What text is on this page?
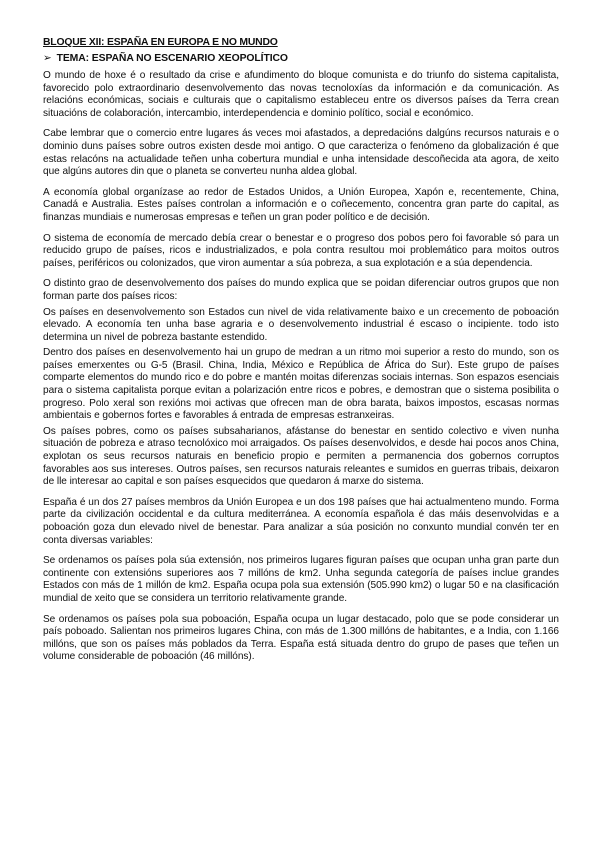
BLOQUE XII: ESPAÑA EN EUROPA E NO MUNDO
➢ TEMA: ESPAÑA NO ESCENARIO XEOPOLÍTICO

O mundo de hoxe é o resultado da crise e afundimento do bloque comunista e do triunfo do sistema capitalista, favorecido polo extraordinario desenvolvemento das novas tecnoloxías da información e da comunicación. As relacións económicas, sociais e culturais que o capitalismo estableceu entre os diversos países da Terra crean situacións de colaboración, intercambio, interdependencia e dominio político, social e económico.

Cabe lembrar que o comercio entre lugares ás veces moi afastados, a depredacións dalgúns recursos naturais e o dominio duns países sobre outros existen desde moi antigo. O que caracteriza o fenómeno da globalización é que estas relacóns na actualidade teñen unha cobertura mundial e unha intensidade descoñecida ata agora, de xeito que algúns autores din que o planeta se converteu nunha aldea global.

A economía global organízase ao redor de Estados Unidos, a Unión Europea, Xapón e, recentemente, China, Canadá e Australia. Estes países controlan a información e o coñecemento, concentra gran parte do capital, as finanzas mundiais e numerosas empresas e teñen un gran poder político e de decisión.

O sistema de economía de mercado debía crear o benestar e o progreso dos pobos pero foi favorable só para un reducido grupo de países, ricos e industrializados, e pola contra resultou moi problemático para moitos outros países, periféricos ou colonizados, que viron aumentar a súa pobreza, a sua explotación e a súa dependencia.

O distinto grao de desenvolvemento dos países do mundo explica que se poidan diferenciar outros grupos que non forman parte dos países ricos:

Os países en desenvolvemento son Estados cun nivel de vida relativamente baixo e un crecemento de poboación elevado. A economía ten unha base agraria e o desenvolvemento industrial é escaso o incipiente. todo isto determina un nivel de pobreza bastante estendido.

Dentro dos países en desenvolvemento hai un grupo de medran a un ritmo moi superior a resto do mundo, son os países emerxentes ou G-5 (Brasil. China, India, México e República de África do Sur). Este grupo de países comparte elementos do mundo rico e do pobre e mantén moitas diferenzas sociais internas. Son espazos esenciais para o sistema capitalista porque evitan a polarización entre ricos e pobres, e demostran que o sistema posibilita o progreso. Polo xeral son rexións moi activas que ofrecen man de obra barata, baixos impostos, escasas normas ambientais e gobernos fortes e favorables á entrada de empresas estranxeiras.

Os países pobres, como os países subsaharianos, afástanse do benestar en sentido colectivo e viven nunha situación de pobreza e atraso tecnolóxico moi arraigados. Os países desenvolvidos, e desde hai pocos anos China, explotan os seus recursos naturais en beneficio propio e permiten a permanencia dos gobernos corruptos favorables aos sus intereses. Outros países, sen recursos naturais releantes e sumidos en guerras tribais, deixaron de lle interesar ao capital e son países esquecidos que quedaron á marxe do sistema.

España é un dos 27 países membros da Unión Europea e un dos 198 países que hai actualmenteno mundo. Forma parte da civilización occidental e da cultura mediterránea. A economía española é das máis desenvolvidas e a poboación goza dun elevado nivel de benestar. Para analizar a súa posición no conxunto mundial convén ter en conta diversas variables:

Se ordenamos os países pola súa extensión, nos primeiros lugares figuran países que ocupan unha gran parte dun continente con extensións superiores aos 7 millóns de km2. Unha segunda categoría de países inclue grandes Estados con más de 1 millón de km2. España ocupa pola sua extensión (505.990 km2) o lugar 50 e na clasificación mundial de xeito que se considera un territorio relativamente grande.

Se ordenamos os países pola sua poboación, España ocupa un lugar destacado, polo que se pode considerar un país poboado. Salientan nos primeiros lugares China, con más de 1.300 millóns de habitantes, e a India, con 1.166 millóns, que son os países más poblados da Terra. España está situada dentro do grupo de pases que teñen un volume considerable de poboación (46 millóns).
